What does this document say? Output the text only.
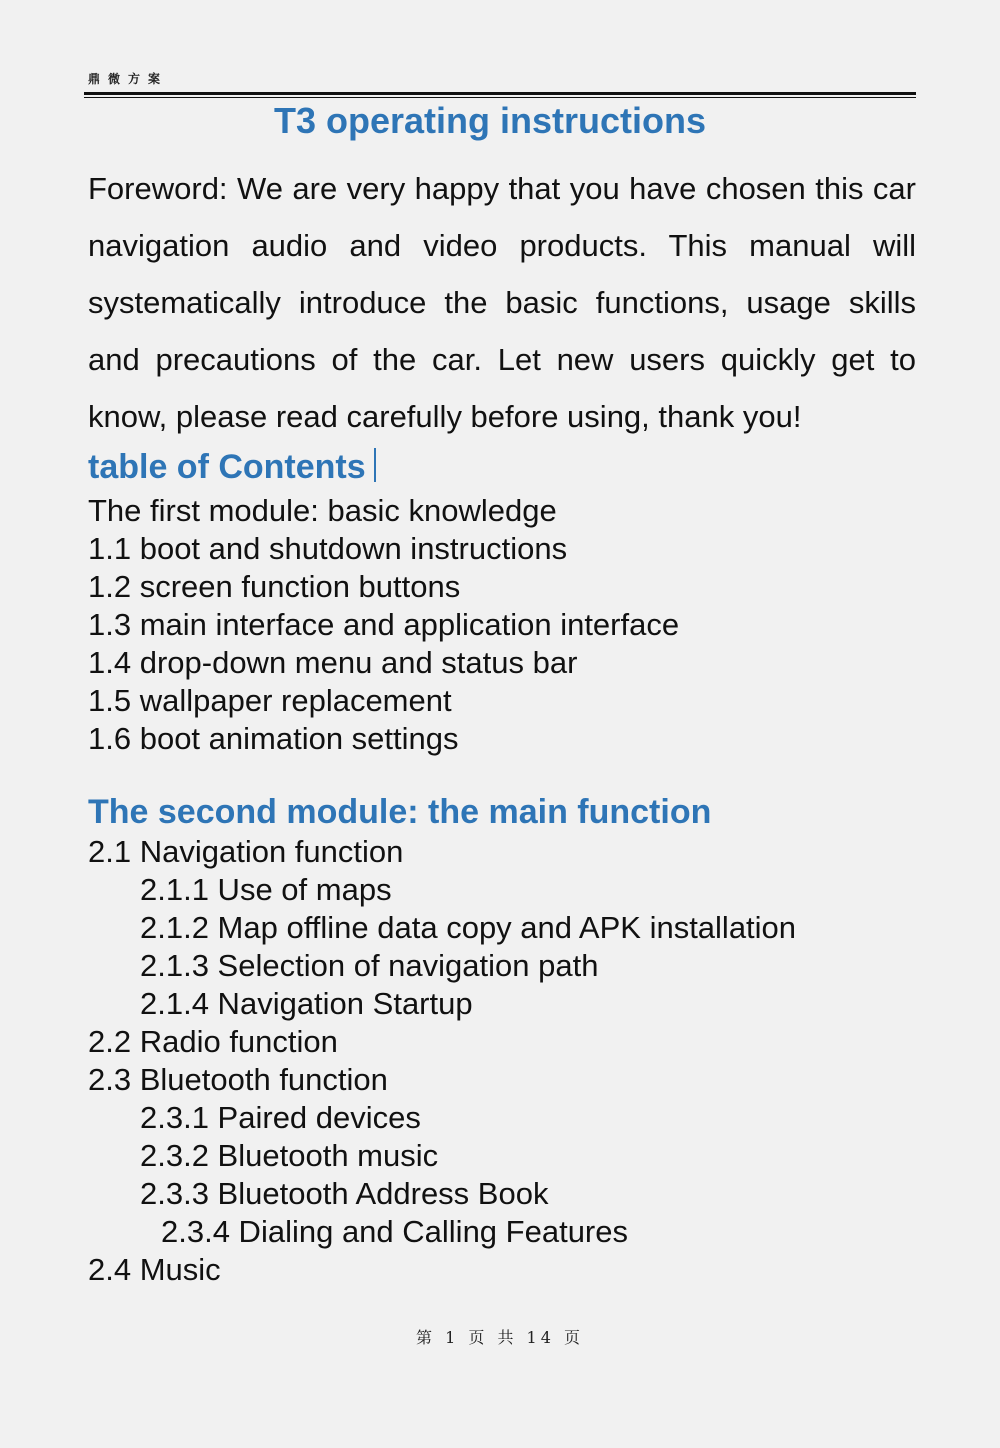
鼎微方案
T3 operating instructions
Foreword: We are very happy that you have chosen this car navigation audio and video products. This manual will systematically introduce the basic functions, usage skills and precautions of the car. Let new users quickly get to know, please read carefully before using, thank you!
table of Contents
The first module: basic knowledge
1.1 boot and shutdown instructions
1.2 screen function buttons
1.3 main interface and application interface
1.4 drop-down menu and status bar
1.5 wallpaper replacement
1.6 boot animation settings
The second module: the main function
2.1 Navigation function
2.1.1 Use of maps
2.1.2 Map offline data copy and APK installation
2.1.3 Selection of navigation path
2.1.4 Navigation Startup
2.2 Radio function
2.3 Bluetooth function
2.3.1 Paired devices
2.3.2 Bluetooth music
2.3.3 Bluetooth Address Book
2.3.4 Dialing and Calling Features
2.4 Music
第 1 页 共 14 页
